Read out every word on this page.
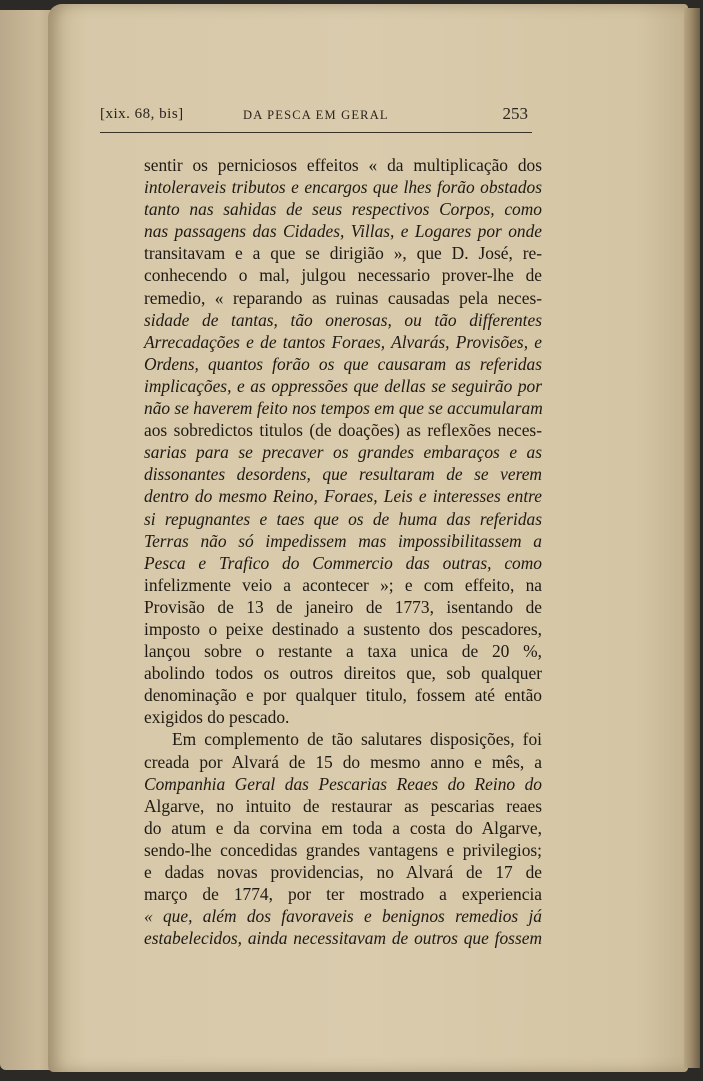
[xix. 68, bis]	DA PESCA EM GERAL	253
sentir os perniciosos effeitos « da multiplicação dos
intoleraveis tributos e encargos que lhes forão obstados
tanto nas sahidas de seus respectivos Corpos, como
nas passagens das Cidades, Villas, e Logares por onde
transitavam e a que se dirigião », que D. José, re-
conhecendo o mal, julgou necessario prover-lhe de
remedio, « reparando as ruinas causadas pela neces-
sidade de tantas, tão onerosas, ou tão differentes
Arrecadações e de tantos Foraes, Alvarás, Provisões, e
Ordens, quantos forão os que causaram as referidas
implicações, e as oppressões que dellas se seguirão por
não se haverem feito nos tempos em que se accumularam
aos sobredictos titulos (de doações) as reflexões neces-
sarias para se precaver os grandes embaraços e as
dissonantes desordens, que resultaram de se verem
dentro do mesmo Reino, Foraes, Leis e interesses entre
si repugnantes e taes que os de huma das referidas
Terras não só impedissem mas impossibilitassem a
Pesca e Trafico do Commercio das outras, como
infelizmente veio a acontecer »; e com effeito, na
Provisão de 13 de janeiro de 1773, isentando de
imposto o peixe destinado a sustento dos pescadores,
lançou sobre o restante a taxa unica de 20 %,
abolindo todos os outros direitos que, sob qualquer
denominação e por qualquer titulo, fossem até então
exigidos do pescado.
Em complemento de tão salutares disposições, foi
creada por Alvará de 15 do mesmo anno e mês, a
Companhia Geral das Pescarias Reaes do Reino do
Algarve, no intuito de restaurar as pescarias reaes
do atum e da corvina em toda a costa do Algarve,
sendo-lhe concedidas grandes vantagens e privilegios;
e dadas novas providencias, no Alvará de 17 de
março de 1774, por ter mostrado a experiencia
« que, além dos favoraveis e benignos remedios já
estabelecidos, ainda necessitavam de outros que fossem
